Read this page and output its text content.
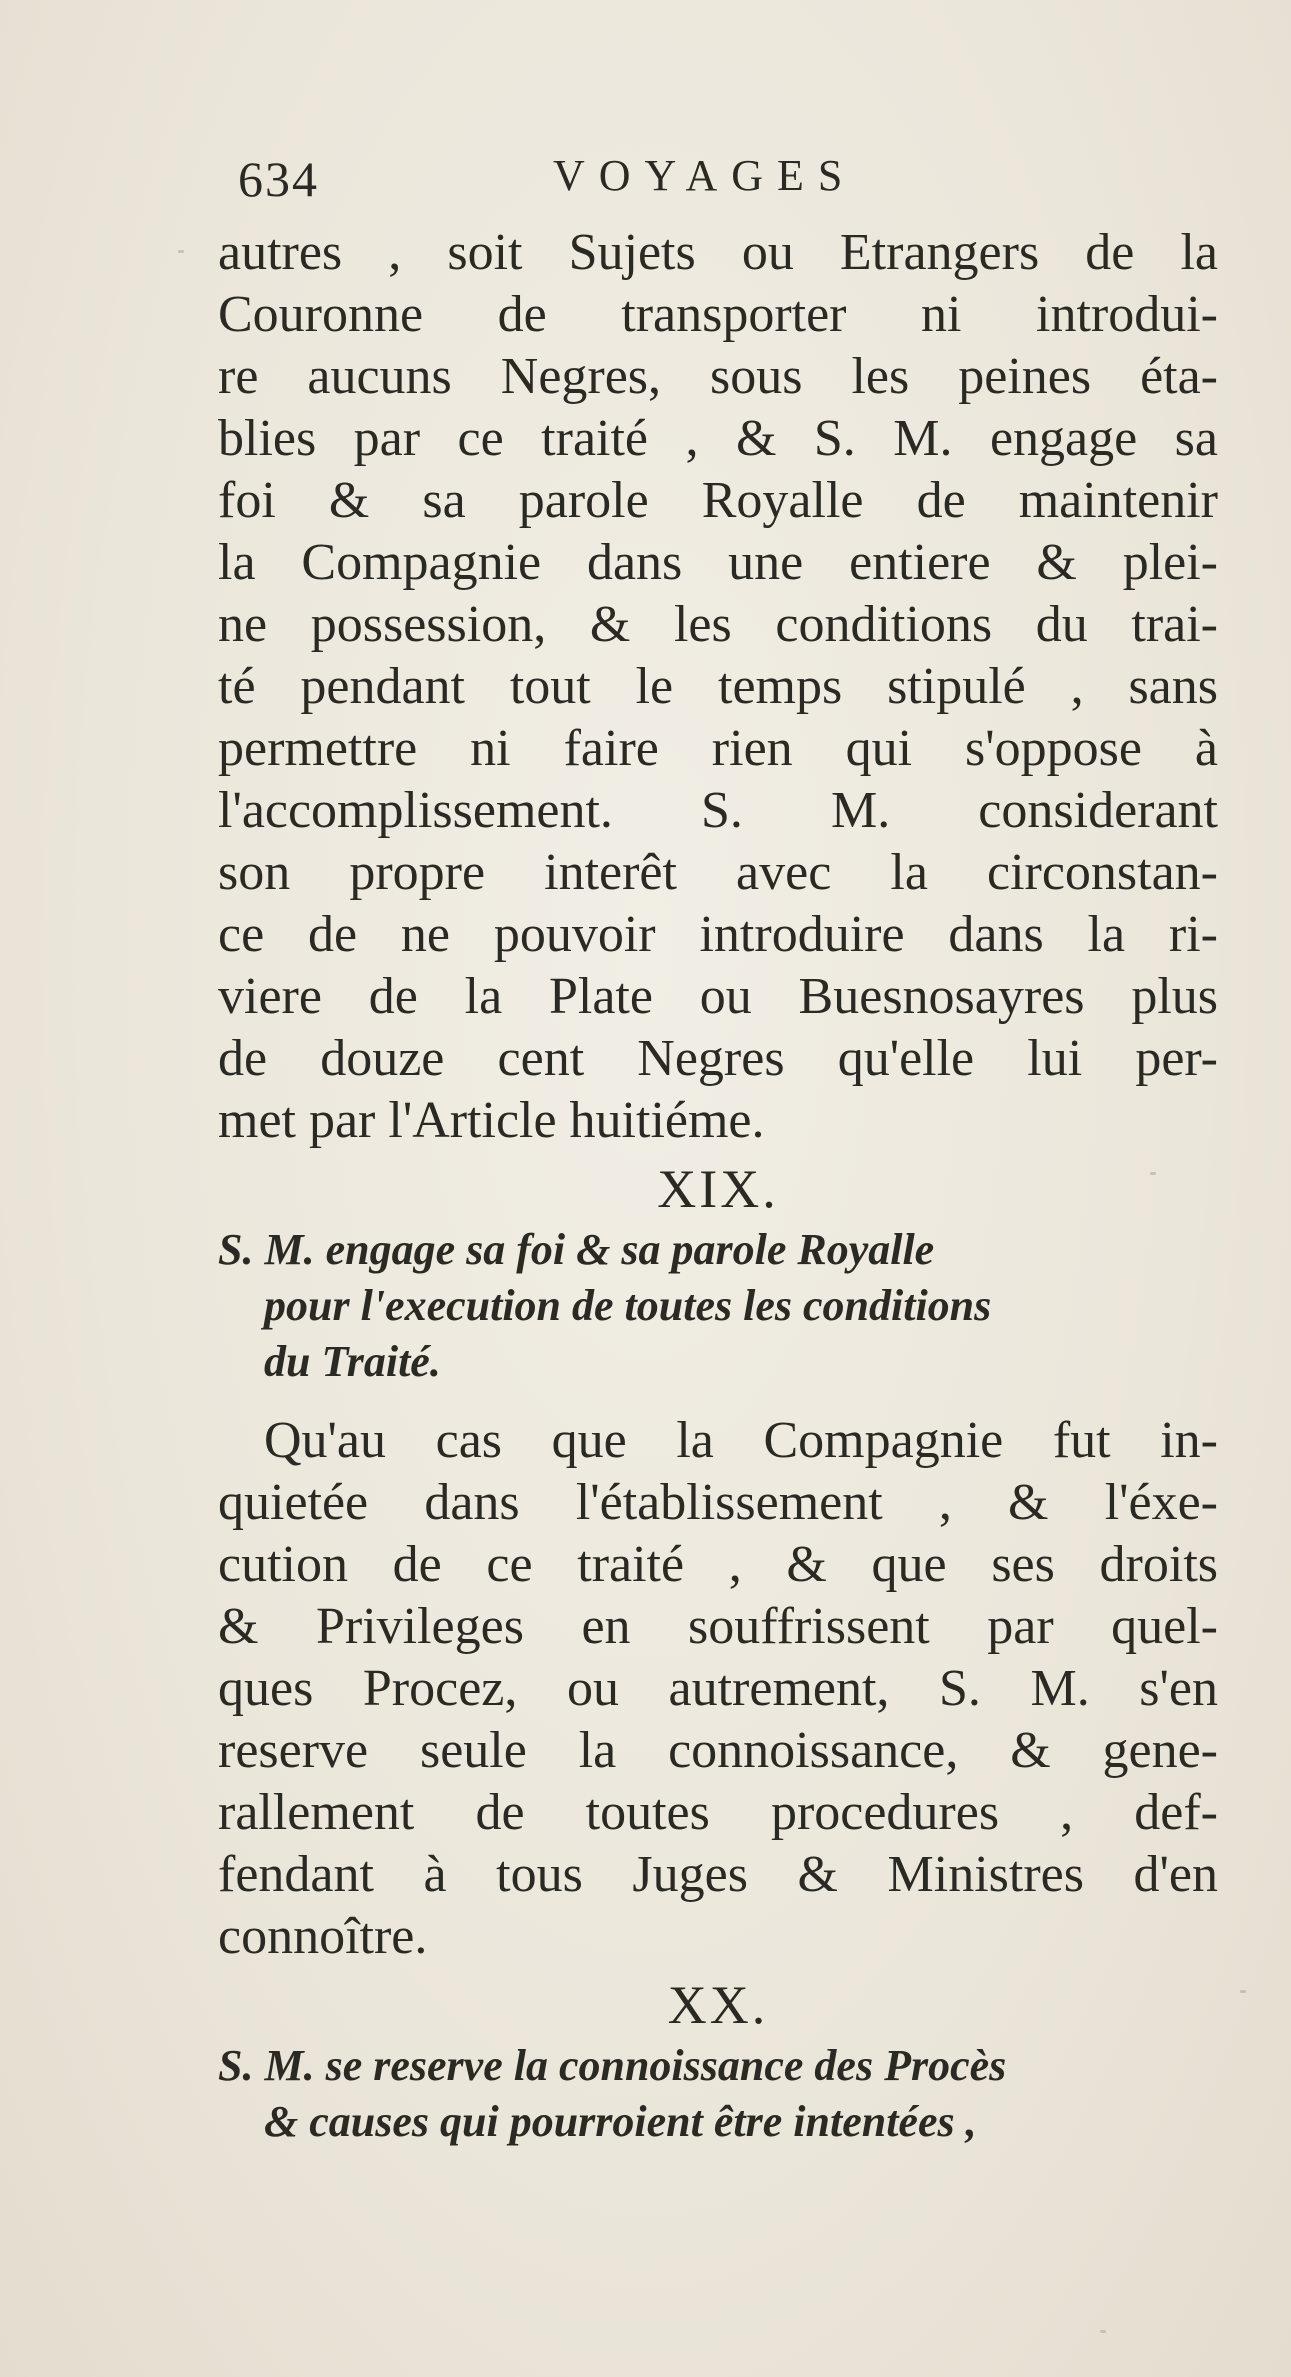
634	VOYAGES
autres , soit Sujets ou Etrangers de la
Couronne de transporter ni introdui-
re aucuns Negres, sous les peines éta-
blies par ce traité , & S. M. engage sa
foi & sa parole Royalle de maintenir
la Compagnie dans une entiere & plei-
ne possession, & les conditions du trai-
té pendant tout le temps stipulé , sans
permettre ni faire rien qui s'oppose à
l'accomplissement. S. M. considerant
son propre interêt avec la circonstan-
ce de ne pouvoir introduire dans la ri-
viere de la Plate ou Buesnosayres plus
de douze cent Negres qu'elle lui per-
met par l'Article huitiéme.
XIX.
S. M. engage sa foi & sa parole Royalle
pour l'execution de toutes les conditions
du Traité.
Qu'au cas que la Compagnie fut in-
quietée dans l'établissement , & l'éxe-
cution de ce traité , & que ses droits
& Privileges en souffrissent par quel-
ques Procez, ou autrement, S. M. s'en
reserve seule la connoissance, & gene-
rallement de toutes procedures , def-
fendant à tous Juges & Ministres d'en
connoître.
XX.
S. M. se reserve la connoissance des Procès
& causes qui pourroient être intentées ,
